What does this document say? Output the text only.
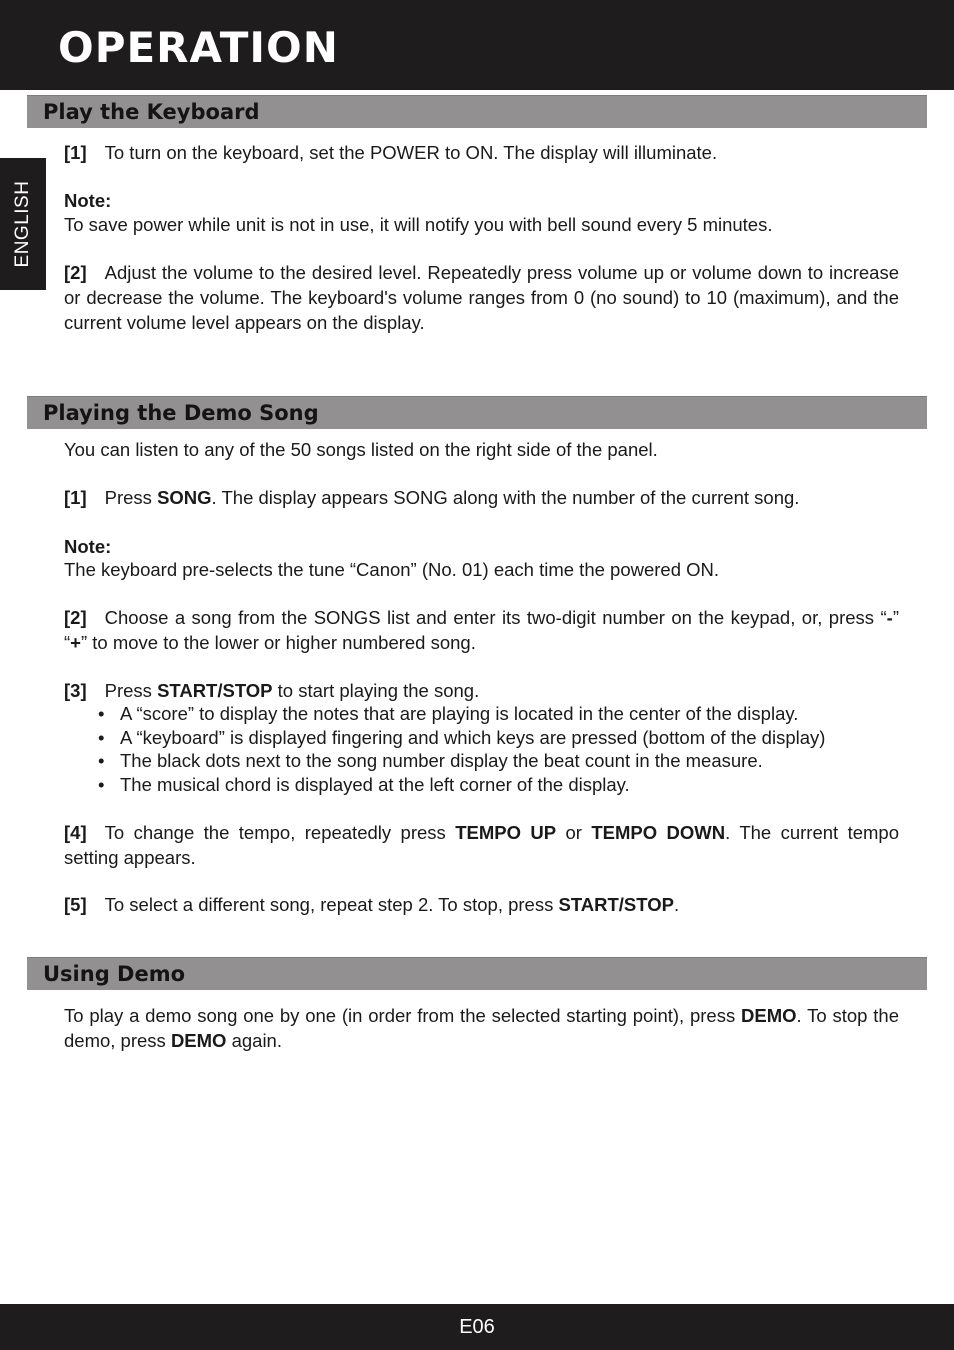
OPERATION
ENGLISH
Play the Keyboard

[1] To turn on the keyboard, set the POWER to ON. The display will illuminate.

Note:

To save power while unit is not in use, it will notify you with bell sound every 5 minutes.

[2] Adjust the volume to the desired level. Repeatedly press volume up or volume down to increase or decrease the volume. The keyboard's volume ranges from 0 (no sound) to 10 (maximum), and the current volume level appears on the display.

Playing the Demo Song

You can listen to any of the 50 songs listed on the right side of the panel.

[1] Press SONG. The display appears SONG along with the number of the current song.

Note:

The keyboard pre-selects the tune “Canon” (No. 01) each time the powered ON.

[2] Choose a song from the SONGS list and enter its two-digit number on the keypad, or, press “-” “+” to move to the lower or higher numbered song.

[3] Press START/STOP to start playing the song.

• A “score” to display the notes that are playing is located in the center of the display.
• A “keyboard” is displayed fingering and which keys are pressed (bottom of the display)
• The black dots next to the song number display the beat count in the measure.
• The musical chord is displayed at the left corner of the display.

[4] To change the tempo, repeatedly press TEMPO UP or TEMPO DOWN. The current tempo setting appears.

[5] To select a different song, repeat step 2. To stop, press START/STOP.

Using Demo

To play a demo song one by one (in order from the selected starting point), press DEMO. To stop the demo, press DEMO again.

E06
